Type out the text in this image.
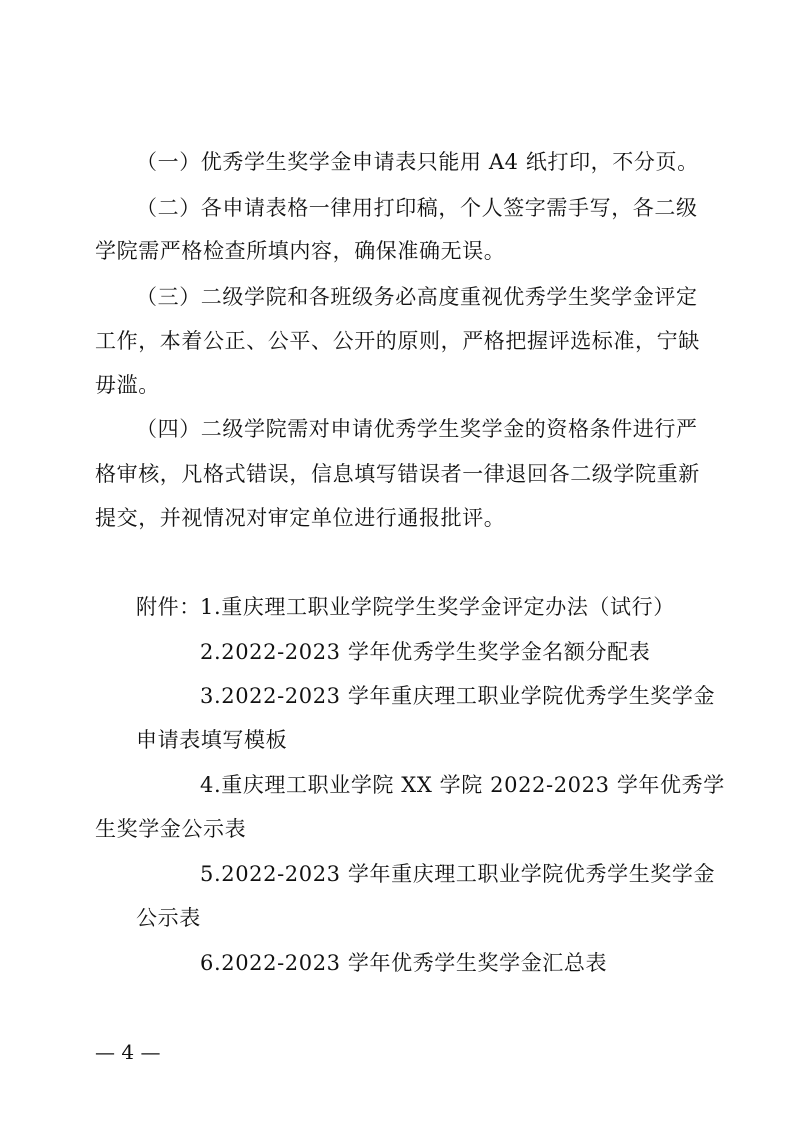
（一）优秀学生奖学金申请表只能用 A4 纸打印，不分页。
（二）各申请表格一律用打印稿，个人签字需手写，各二级
学院需严格检查所填内容，确保准确无误。
（三）二级学院和各班级务必高度重视优秀学生奖学金评定
工作，本着公正、公平、公开的原则，严格把握评选标准，宁缺
毋滥。
（四）二级学院需对申请优秀学生奖学金的资格条件进行严
格审核，凡格式错误，信息填写错误者一律退回各二级学院重新
提交，并视情况对审定单位进行通报批评。
附件： 1.重庆理工职业学院学生奖学金评定办法（试行）
2.2022-2023 学年优秀学生奖学金名额分配表
3.2022-2023 学年重庆理工职业学院优秀学生奖学金
申请表填写模板
4.重庆理工职业学院 XX 学院 2022-2023 学年优秀学
生奖学金公示表
5.2022-2023 学年重庆理工职业学院优秀学生奖学金
公示表
6.2022-2023 学年优秀学生奖学金汇总表
— 4 —
